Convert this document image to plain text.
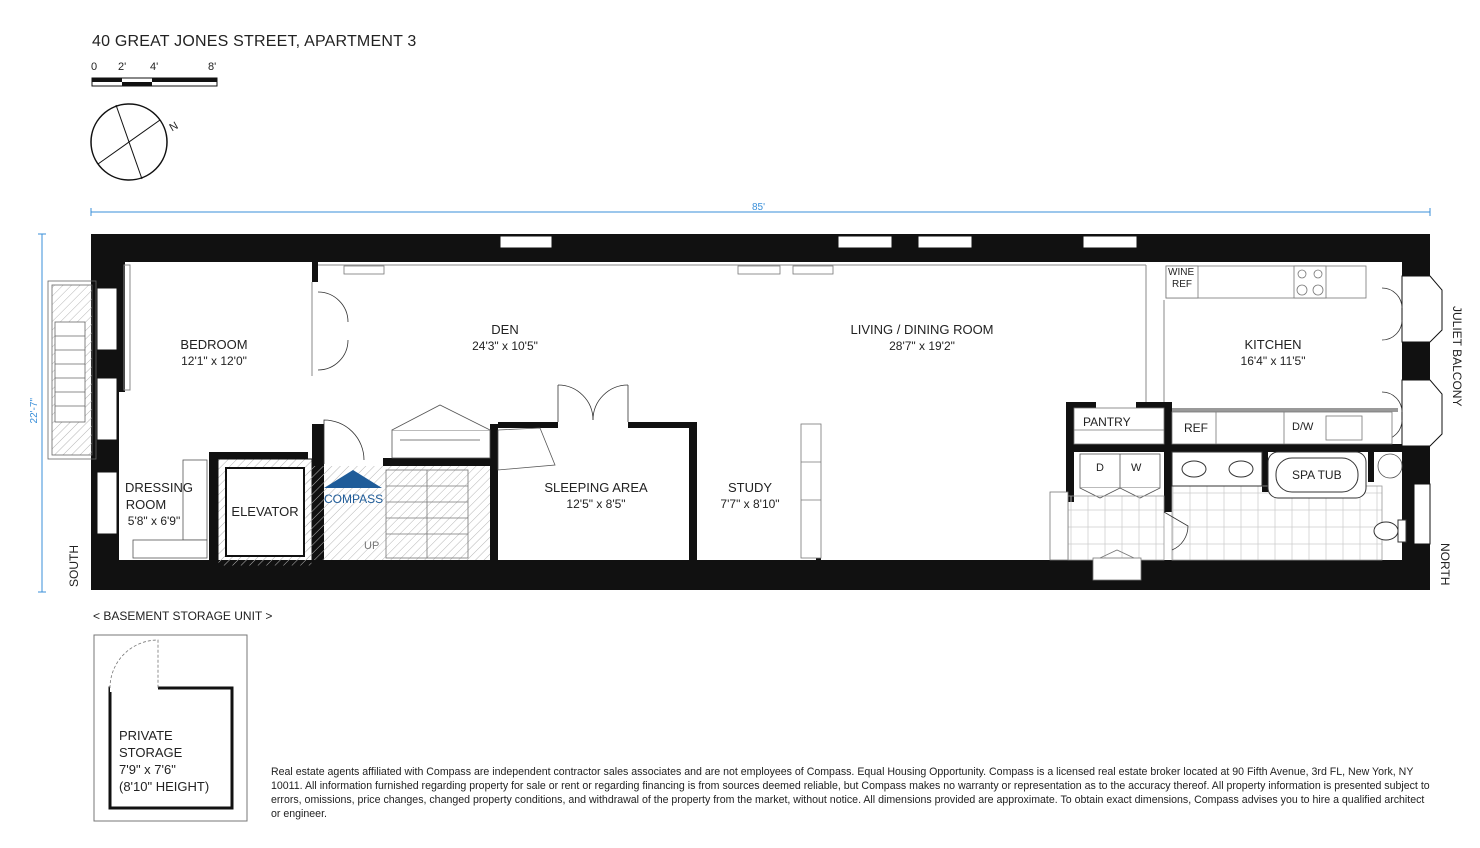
40 GREAT JONES STREET, APARTMENT 3
0 2' 4'	8'
N
85'
22'-7"
SOUTH	NORTH
JULIET BALCONY
BEDROOM
12'1" x 12'0"
DEN
24'3" x 10'5"
LIVING / DINING ROOM
28'7" x 19'2"	KITCHEN
16'4" x 11'5"
DRESSING
ROOM
5'8" x 6'9"
ELEVATOR
SLEEPING AREA
12'5" x 8'5"
STUDY
7'7" x 8'10"
COMPASS
UP
PANTRY	REF	D/W
WINE
REF
D W	SPA TUB
< BASEMENT STORAGE UNIT >
PRIVATE
STORAGE
7'9" x 7'6"
(8'10" HEIGHT)
Real estate agents affiliated with Compass are independent contractor sales associates and are not employees of Compass. Equal Housing Opportunity. Compass is a licensed real estate broker located at 90 Fifth Avenue, 3rd FL, New York, NY 10011. All information furnished regarding property for sale or rent or regarding financing is from sources deemed reliable, but Compass makes no warranty or representation as to the accuracy thereof. All property information is presented subject to errors, omissions, price changes, changed property conditions, and withdrawal of the property from the market, without notice. All dimensions provided are approximate. To obtain exact dimensions, Compass advises you to hire a qualified architect or engineer.
